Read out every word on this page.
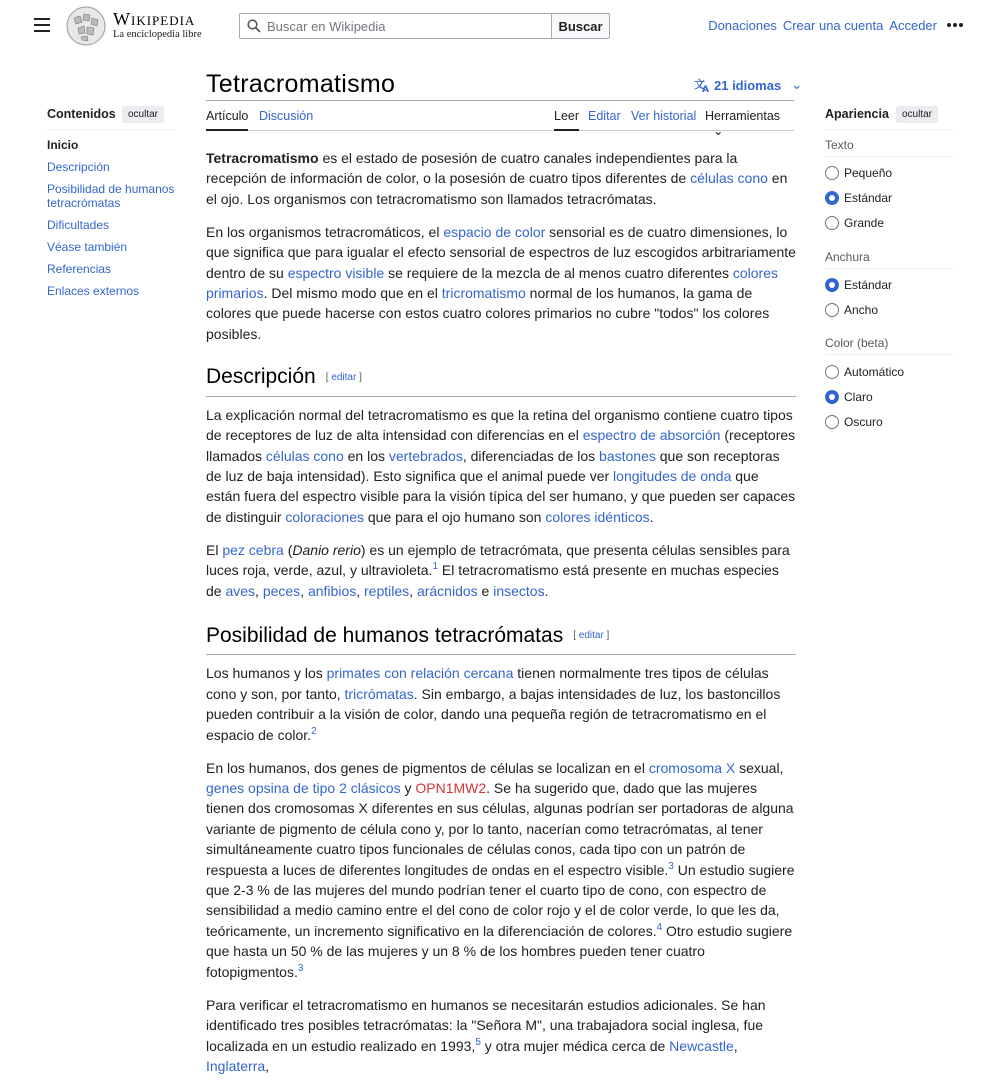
Wikipedia
La enciclopedia libre
Buscar en Wikipedia
Buscar	Donaciones Crear una cuenta Acceder
Tetracromatismo	文
A 21 idiomas ⌄
Artículo Discusión	Leer Editar Ver historial Herramientas ⌄
Contenidos	ocultar
Inicio
Descripción
Posibilidad de humanos tetracrómatas
Dificultades
Véase también
Referencias
Enlaces externos
Apariencia	ocultar
Texto
Pequeño
Estándar
Grande
Anchura
Estándar
Ancho
Color (beta)
Automático
Claro
Oscuro

Tetracromatismo es el estado de posesión de cuatro canales independientes para la recepción de información de color, o la posesión de cuatro tipos diferentes de células cono en el ojo. Los organismos con tetracromatismo son llamados tetracrómatas.

En los organismos tetracromáticos, el espacio de color sensorial es de cuatro dimensiones, lo que significa que para igualar el efecto sensorial de espectros de luz escogidos arbitrariamente dentro de su espectro visible se requiere de la mezcla de al menos cuatro diferentes colores primarios. Del mismo modo que en el tricromatismo normal de los humanos, la gama de colores que puede hacerse con estos cuatro colores primarios no cubre "todos" los colores posibles.

Descripción [ editar ]

La explicación normal del tetracromatismo es que la retina del organismo contiene cuatro tipos de receptores de luz de alta intensidad con diferencias en el espectro de absorción (receptores llamados células cono en los vertebrados, diferenciadas de los bastones que son receptoras de luz de baja intensidad). Esto significa que el animal puede ver longitudes de onda que están fuera del espectro visible para la visión típica del ser humano, y que pueden ser capaces de distinguir coloraciones que para el ojo humano son colores idénticos.

El pez cebra (Danio rerio) es un ejemplo de tetracrómata, que presenta células sensibles para luces roja, verde, azul, y ultravioleta.$^1$ El tetracromatismo está presente en muchas especies de aves, peces, anfibios, reptiles, arácnidos e insectos.

Posibilidad de humanos tetracrómatas [ editar ]

Los humanos y los primates con relación cercana tienen normalmente tres tipos de células cono y son, por tanto, tricrómatas. Sin embargo, a bajas intensidades de luz, los bastoncillos pueden contribuir a la visión de color, dando una pequeña región de tetracromatismo en el espacio de color.$^2$

En los humanos, dos genes de pigmentos de células se localizan en el cromosoma X sexual, genes opsina de tipo 2 clásicos y OPN1MW2. Se ha sugerido que, dado que las mujeres tienen dos cromosomas X diferentes en sus células, algunas podrían ser portadoras de alguna variante de pigmento de célula cono y, por lo tanto, nacerían como tetracrómatas, al tener simultáneamente cuatro tipos funcionales de células conos, cada tipo con un patrón de respuesta a luces de diferentes longitudes de ondas en el espectro visible.$^3$ Un estudio sugiere que 2-3 % de las mujeres del mundo podrían tener el cuarto tipo de cono, con espectro de sensibilidad a medio camino entre el del cono de color rojo y el de color verde, lo que les da, teóricamente, un incremento significativo en la diferenciación de colores.$^4$ Otro estudio sugiere que hasta un 50 % de las mujeres y un 8 % de los hombres pueden tener cuatro fotopigmentos.$^3$

Para verificar el tetracromatismo en humanos se necesitarán estudios adicionales. Se han identificado tres posibles tetracrómatas: la "Señora M", una trabajadora social inglesa, fue localizada en un estudio realizado en 1993,$^5$ y otra mujer médica cerca de Newcastle, Inglaterra,
